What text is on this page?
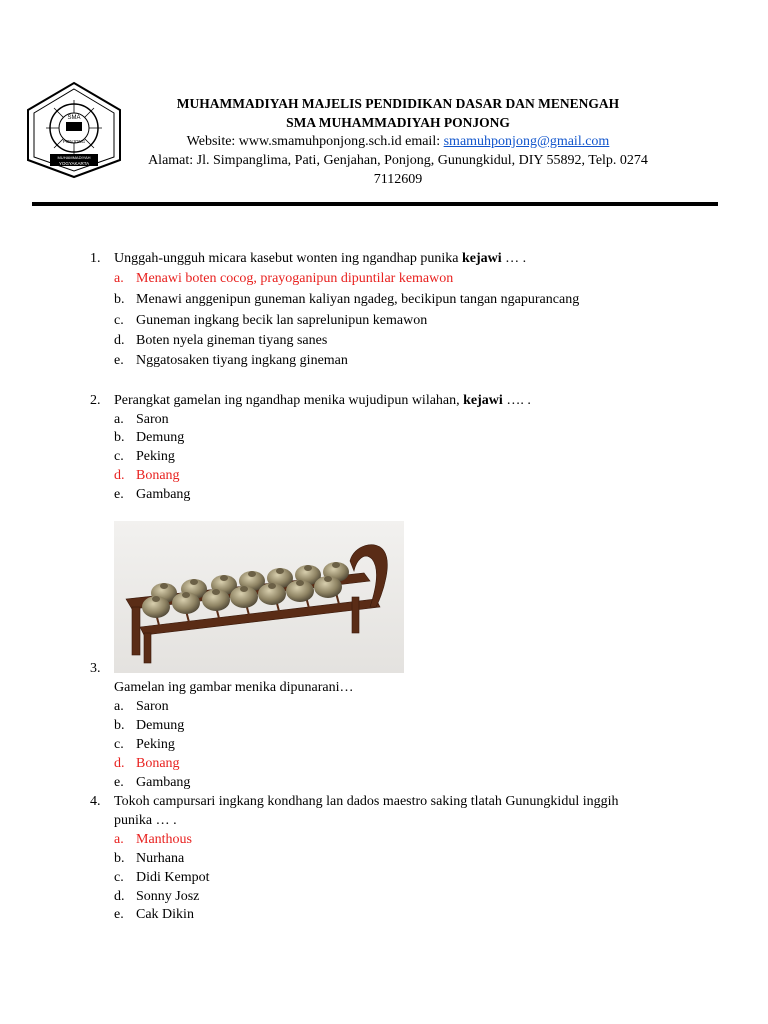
SMA
PONJONG
MUHAMMADIYAH
YOGYAKARTA
MUHAMMADIYAH MAJELIS PENDIDIKAN DASAR DAN MENENGAH
SMA MUHAMMADIYAH PONJONG
Website: www.smamuhponjong.sch.id email: smamuhponjong@gmail.com
Alamat: Jl. Simpanglima, Pati, Genjahan, Ponjong, Gunungkidul, DIY 55892, Telp. 0274
7112609
1. Unggah-ungguh micara kasebut wonten ing ngandhap punika kejawi … .
a. Menawi boten cocog, prayoganipun dipuntilar kemawon
b. Menawi anggenipun guneman kaliyan ngadeg, becikipun tangan ngapurancang
c. Guneman ingkang becik lan saprelunipun kemawon
d. Boten nyela gineman tiyang sanes
e. Nggatosaken tiyang ingkang gineman
2. Perangkat gamelan ing ngandhap menika wujudipun wilahan, kejawi …. .
a. Saron
b. Demung
c. Peking
d. Bonang
e. Gambang
3.
Gamelan ing gambar menika dipunarani…
a. Saron
b. Demung
c. Peking
d. Bonang
e. Gambang
4. Tokoh campursari ingkang kondhang lan dados maestro saking tlatah Gunungkidul inggih
punika … .
a. Manthous
b. Nurhana
c. Didi Kempot
d. Sonny Josz
e. Cak Dikin
